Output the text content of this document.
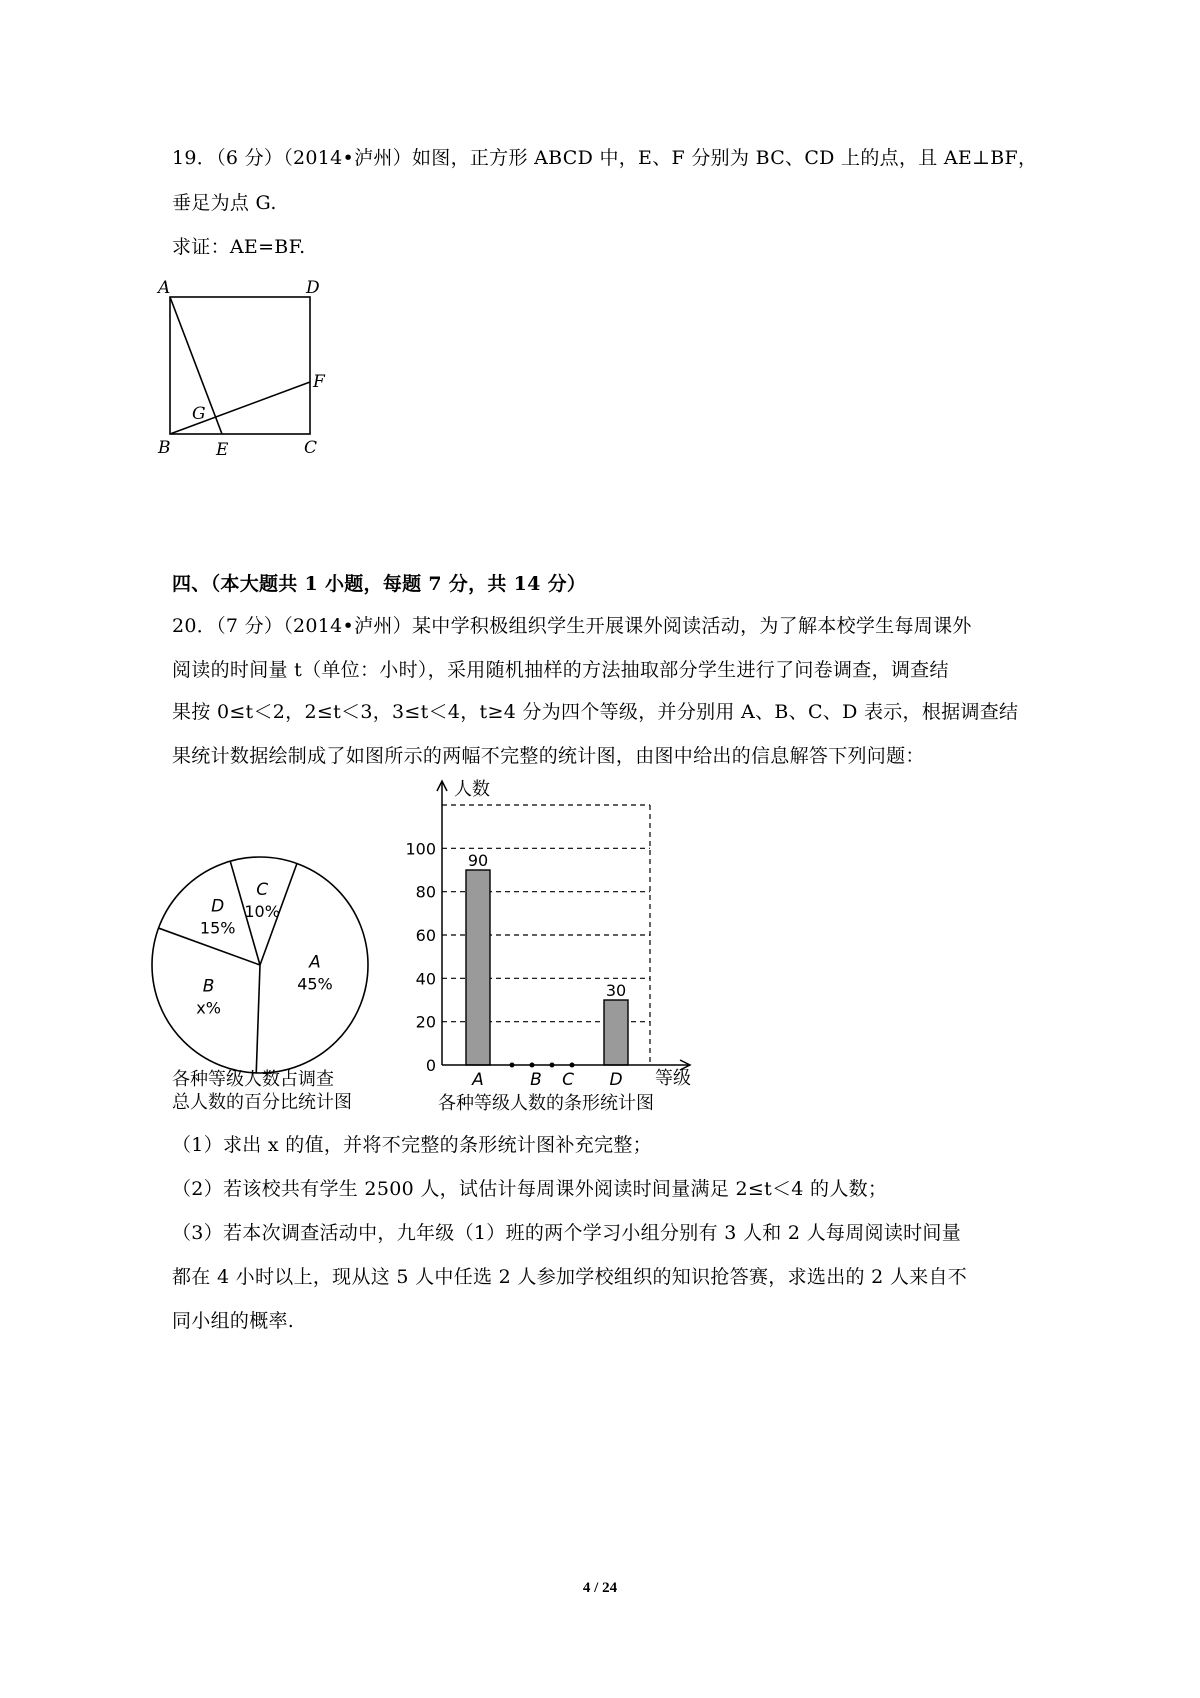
19．（6 分）（2014•泸州）如图，正方形 ABCD 中，E、F 分别为 BC、CD 上的点，且 AE⊥BF，
垂足为点 G.
求证：AE=BF.
A	D
F
G
B	E	C
四、（本大题共 1 小题，每题 7 分，共 14 分）
20．（7 分）（2014•泸州）某中学积极组织学生开展课外阅读活动，为了解本校学生每周课外
阅读的时间量 t（单位：小时），采用随机抽样的方法抽取部分学生进行了问卷调查，调查结
果按 0≤t＜2，2≤t＜3，3≤t＜4，t≥4 分为四个等级，并分别用 A、B、C、D 表示，根据调查结
果统计数据绘制成了如图所示的两幅不完整的统计图，由图中给出的信息解答下列问题：
A
45%
B
x%
D
15%
C
10%
各种等级人数占调查
总人数的百分比统计图
90
30
0
20
40
60
80
100
A	B C D
人数
等级
各种等级人数的条形统计图
（1）求出 x 的值，并将不完整的条形统计图补充完整；
（2）若该校共有学生 2500 人，试估计每周课外阅读时间量满足 2≤t＜4 的人数；
（3）若本次调查活动中，九年级（1）班的两个学习小组分别有 3 人和 2 人每周阅读时间量
都在 4 小时以上，现从这 5 人中任选 2 人参加学校组织的知识抢答赛，求选出的 2 人来自不
同小组的概率.
4 / 24
